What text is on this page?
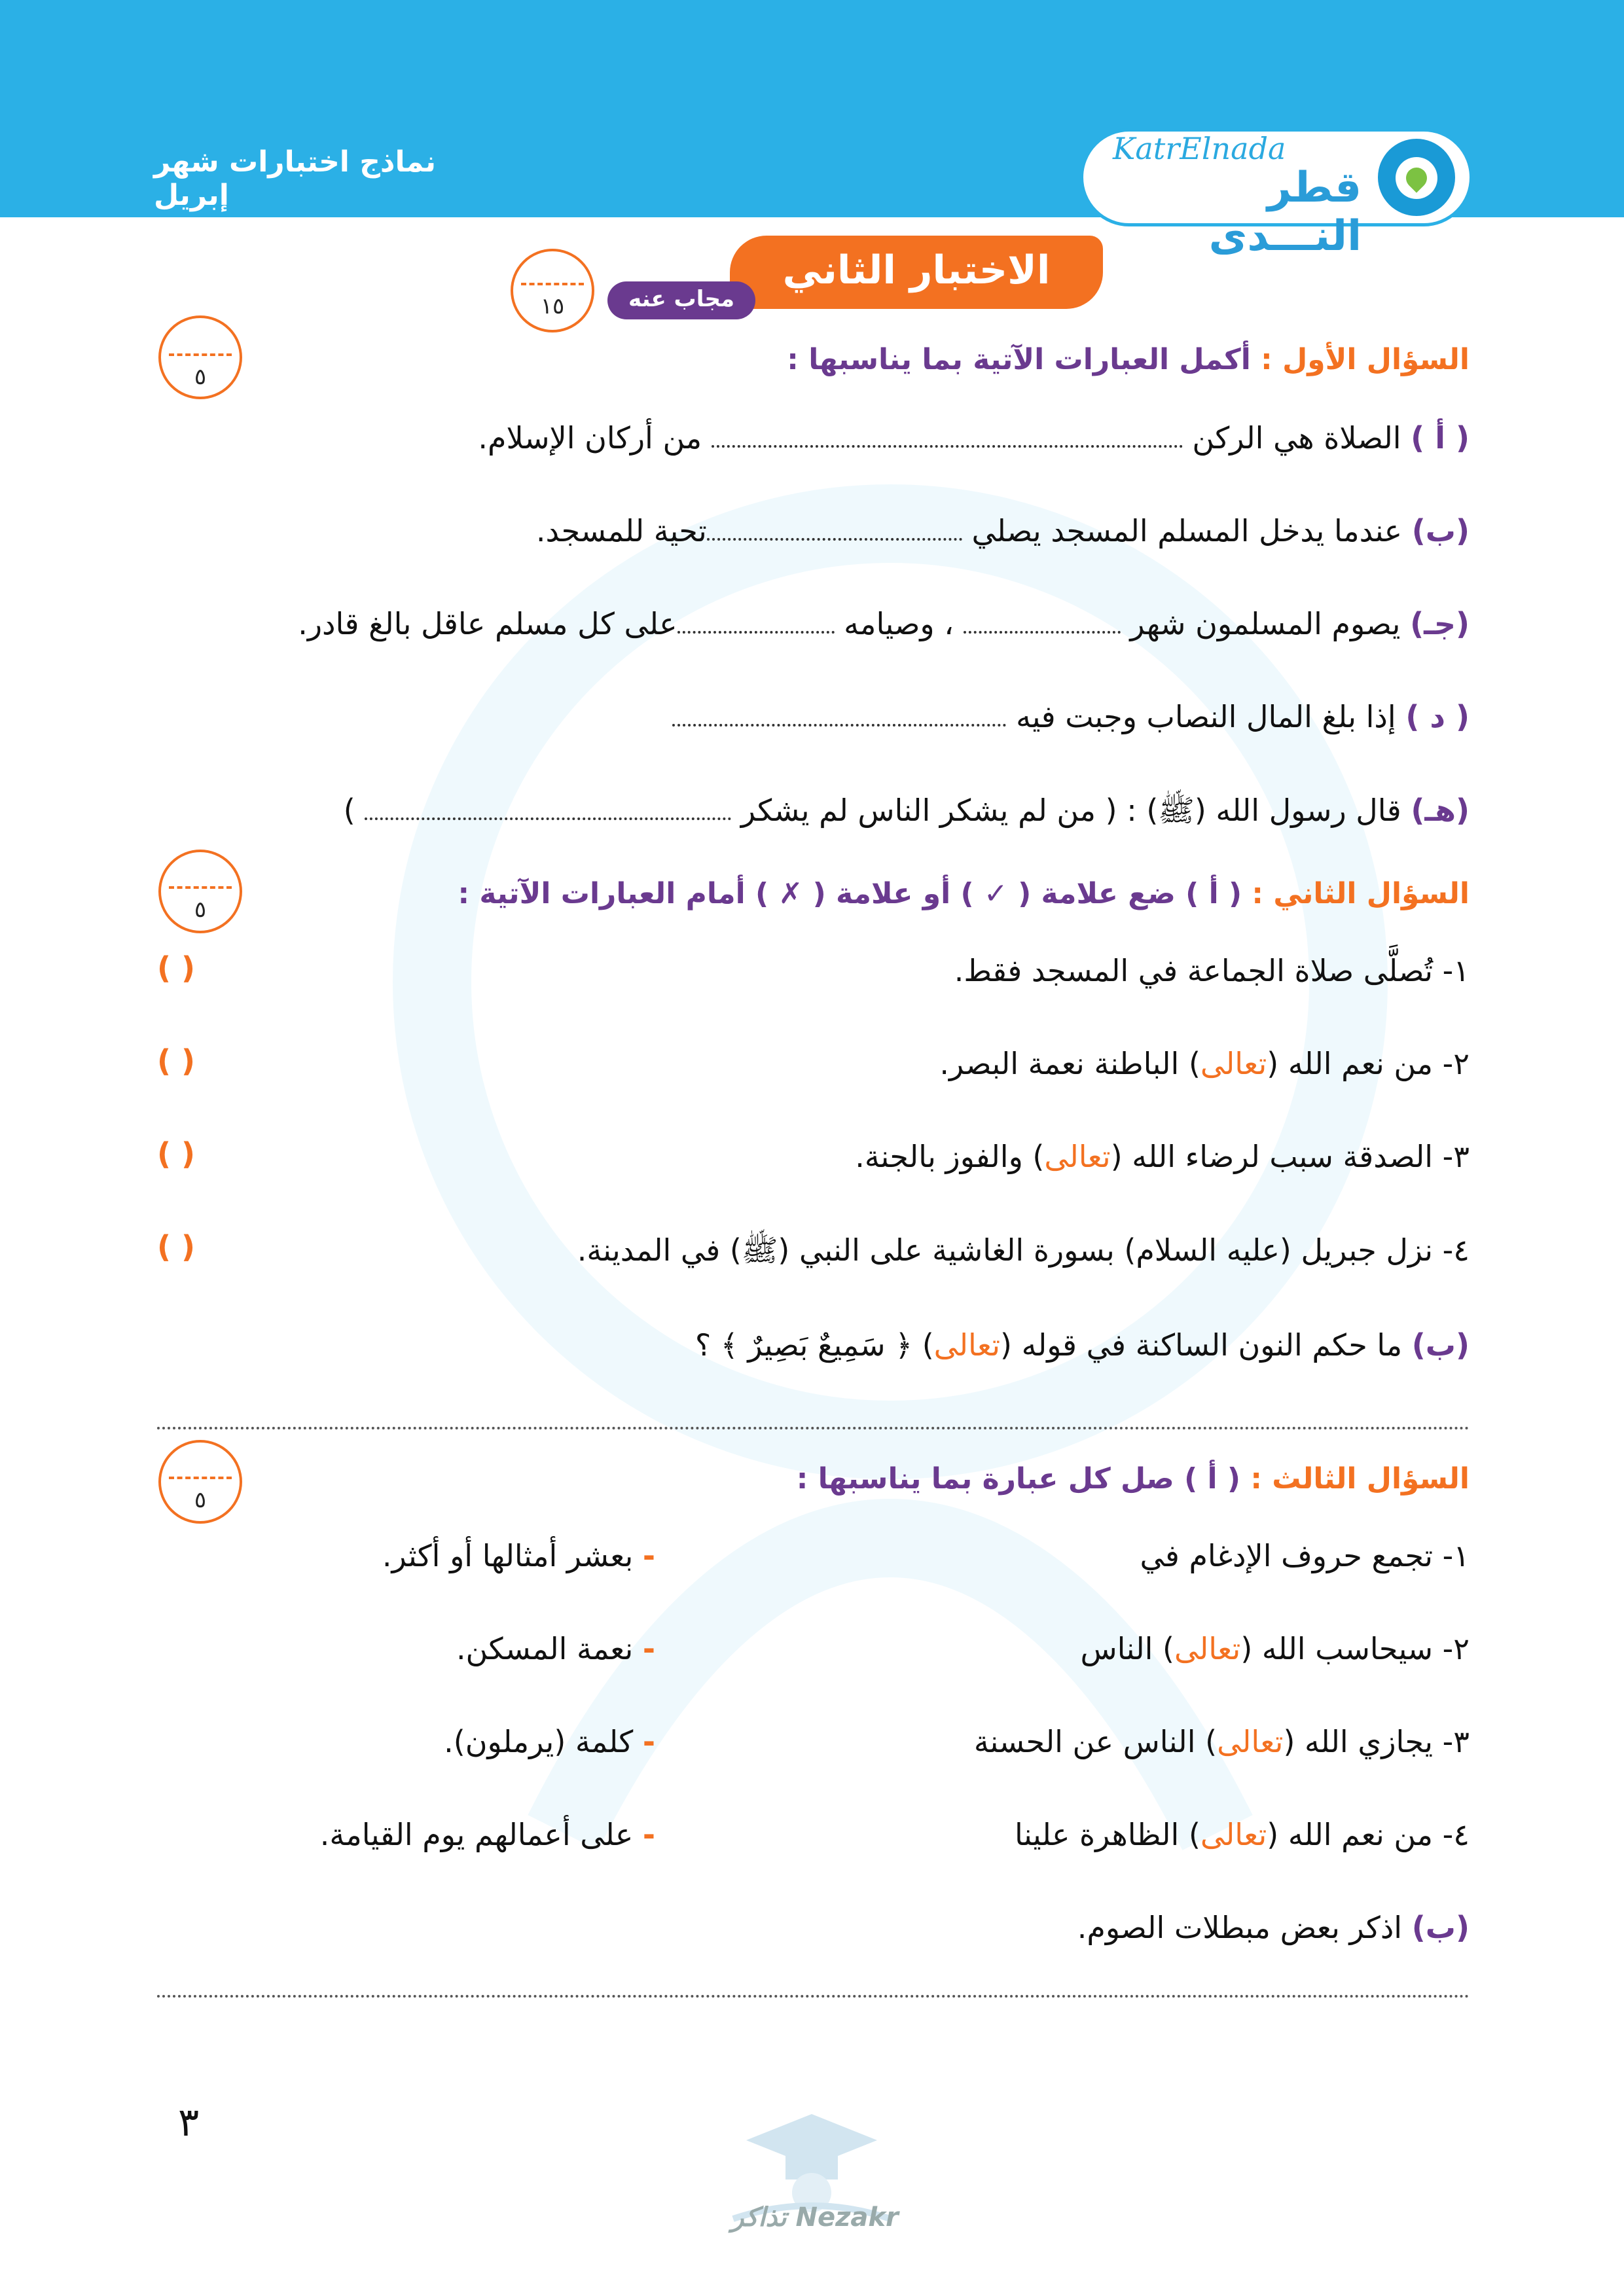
نماذج اختبارات شهر إبريل
KatrElnada
قطر النـــدى
الاختبار الثاني
مجاب عنه
١٥
٥
السؤال الأول : أكمل العبارات الآتية بما يناسبها :
( أ ) الصلاة هي الركن  من أركان الإسلام.
(ب) عندما يدخل المسلم المسجد يصلي تحية للمسجد.
(جـ) يصوم المسلمون شهر  ، وصيامه على كل مسلم عاقل بالغ قادر.
( د ) إذا بلغ المال النصاب وجبت فيه
(هـ) قال رسول الله (ﷺ) : ( من لم يشكر الناس لم يشكر  )
٥	السؤال الثاني : ( أ ) ضع علامة ( ✓ ) أو علامة ( ✗ ) أمام العبارات الآتية :
١- تُصلَّى صلاة الجماعة في المسجد فقط.
( )
٢- من نعم الله (تعالى) الباطنة نعمة البصر.
( )
٣- الصدقة سبب لرضاء الله (تعالى) والفوز بالجنة.
( )
٤- نزل جبريل (عليه السلام) بسورة الغاشية على النبي (ﷺ) في المدينة.
( )
(ب) ما حكم النون الساكنة في قوله (تعالى) ﴿ سَمِيعٌ بَصِيرٌ ﴾ ؟
٥
السؤال الثالث : ( أ ) صل كل عبارة بما يناسبها :
١- تجمع حروف الإدغام في
٢- سيحاسب الله (تعالى) الناس
٣- يجازي الله (تعالى) الناس عن الحسنة
٤- من نعم الله (تعالى) الظاهرة علينا
- بعشر أمثالها أو أكثر.
- نعمة المسكن.
- كلمة (يرملون).
- على أعمالهم يوم القيامة.
(ب) اذكر بعض مبطلات الصوم.
٣
Nezakr تذاكر
